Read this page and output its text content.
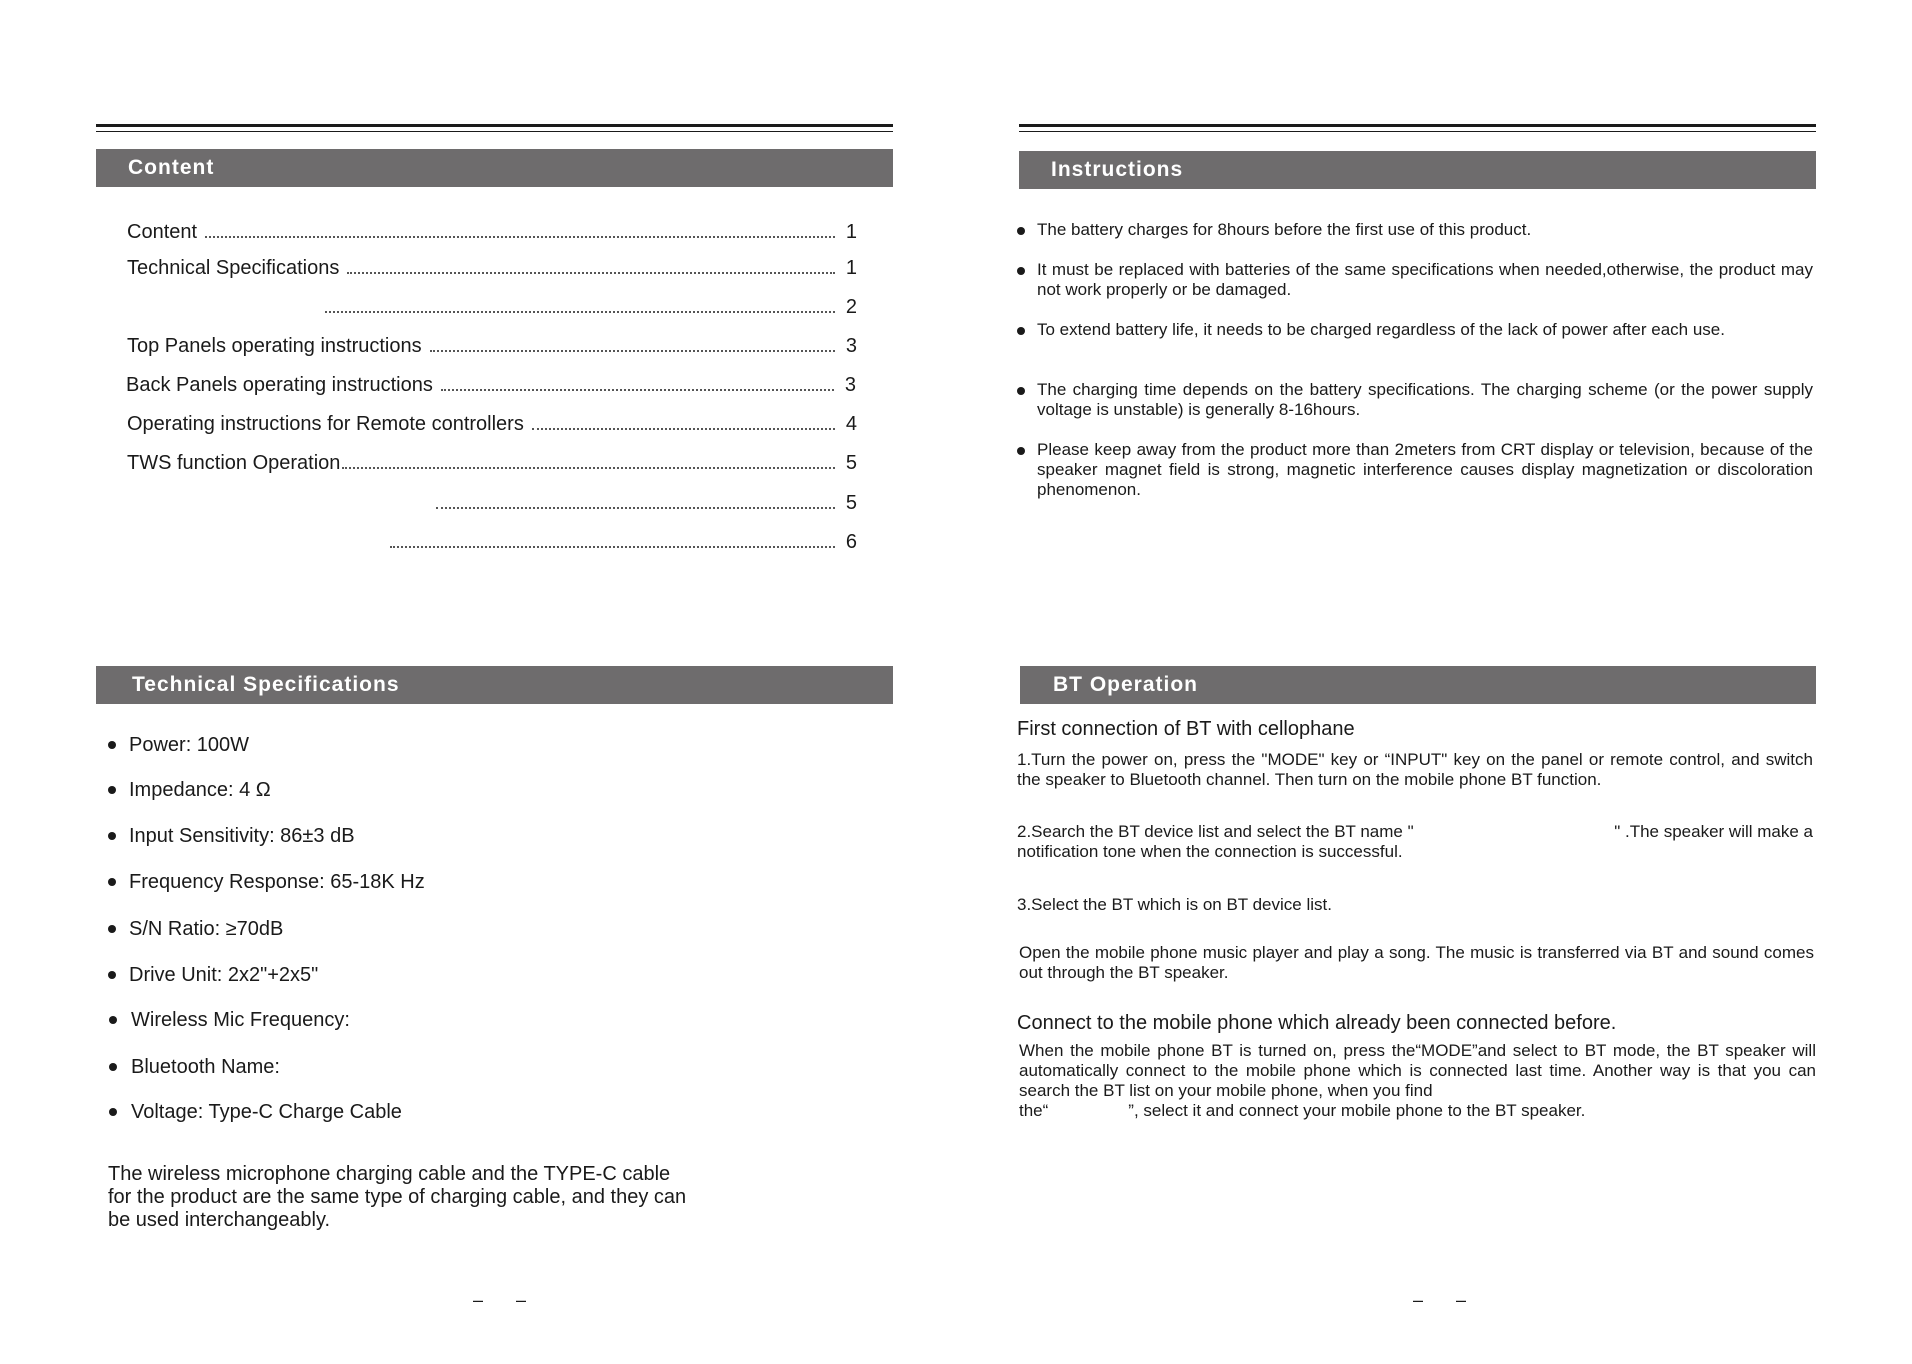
Content
Content	1
Technical Specifications	1
2
Top Panels operating instructions	3
Back Panels operating instructions	3
Operating instructions for Remote controllers	4
TWS function Operation	5
5
6
Technical Specifications
Power: 100W
Impedance: 4 Ω
Input Sensitivity: 86±3 dB
Frequency Response: 65-18K Hz
S/N Ratio: ≥70dB
Drive Unit: 2x2"+2x5"
Wireless Mic Frequency:
Bluetooth Name:
Voltage: Type-C Charge Cable
The wireless microphone charging cable and the TYPE-C cable for the product are the same type of charging cable, and they can be used interchangeably.
– –
Instructions
The battery charges for 8hours before the first use of this product.
It must be replaced with batteries of the same specifications when needed,otherwise, the product may not work properly or be damaged.
To extend battery life, it needs to be charged regardless of the lack of power after each use.
The charging time depends on the battery specifications. The charging scheme (or the power supply voltage is unstable) is generally 8-16hours.
Please keep away from the product more than 2meters from CRT display or television, because of the speaker magnet field is strong, magnetic interference causes display magnetization or discoloration phenomenon.
BT Operation
First connection of BT with cellophane
1.Turn the power on, press the "MODE" key or “INPUT" key on the panel or remote control, and switch the speaker to Bluetooth channel. Then turn on the mobile phone BT function.
2.Search the BT device list and select the BT name "	" .The speaker will make a
notification tone when the connection is successful.
3.Select the BT which is on BT device list.
Open the mobile phone music player and play a song. The music is transferred via BT and sound comes out through the BT speaker.
Connect to the mobile phone which already been connected before.
When the mobile phone BT is turned on, press the“MODE”and select to BT mode, the BT speaker will automatically connect to the mobile phone which is connected last time. Another way is that you can search the BT list on your mobile phone, when you find
the“	”, select it and connect your mobile phone to the BT speaker.
– –
